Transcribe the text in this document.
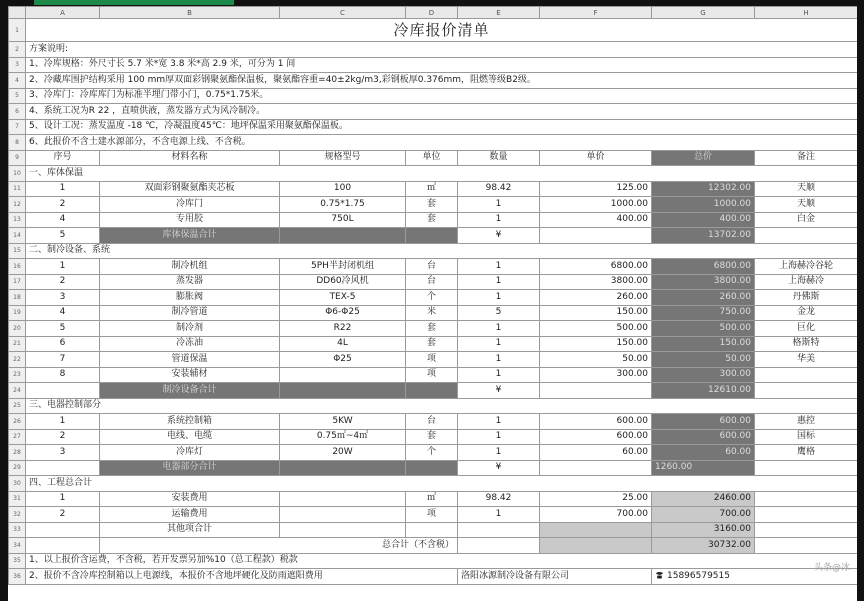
	A	B	C	D	E	F	G	H
1	冷库报价清单							
2	方案说明:							
3	1、冷库规格：外尺寸长 5.7 米*宽 3.8 米*高 2.9 米，可分为 1 间							
4	2、冷藏库围护结构采用 100 mm厚双面彩钢聚氨酯保温板，聚氨酯容重=40±2kg/m3,彩钢板厚0.376mm，阻燃等级B2级。							
5	3、冷库门：冷库库门为标准半埋门带小门，0.75*1.75米。							
6	4、系统工况为R 22 ，直喷供液，蒸发器方式为风冷制冷。							
7	5、设计工况：蒸发温度 -18 ℃，冷凝温度45℃：地坪保温采用聚氨酯保温板。							
8	6、此报价不含土建水源部分，不含电源上线、不含税。							
9	序号	材料名称	规格型号	单位	数量	单价	总价	备注
10	一、库体保温							
11	1	双面彩钢聚氨酯夹芯板	100	㎡	98.42	125.00	12302.00	天顺
12	2	冷库门	0.75*1.75	套	1	1000.00	1000.00	天顺
13	4	专用胶	750L	套	1	400.00	400.00	白金
14	5	库体保温合计			¥		13702.00	
15	二、制冷设备、系统							
16	1	制冷机组	5PH半封闭机组	台	1	6800.00	6800.00	上海赫冷谷轮
17	2	蒸发器	DD60冷风机	台	1	3800.00	3800.00	上海赫冷
18	3	膨胀阀	TEX-5	个	1	260.00	260.00	丹佛斯
19	4	制冷管道	Φ6-Φ25	米	5	150.00	750.00	金龙
20	5	制冷剂	R22	套	1	500.00	500.00	巨化
21	6	冷冻油	4L	套	1	150.00	150.00	格斯特
22	7	管道保温	Φ25	项	1	50.00	50.00	华美
23	8	安装辅材		项	1	300.00	300.00	
24		制冷设备合计			¥		12610.00	
25	三、电器控制部分							
26	1	系统控制箱	5KW	台	1	600.00	600.00	惠控
27	2	电线、电缆	0.75㎡~4㎡	套	1	600.00	600.00	国标
28	3	冷库灯	20W	个	1	60.00	60.00	鹰格
29		电器部分合计			¥		1260.00	
30	四、工程总合计							
31	1	安装费用		㎡	98.42	25.00	2460.00	
32	2	运输费用		项	1	700.00	700.00	
33		其他项合计					3160.00	
34		总合计（不含税）					30732.00	
35	1、以上报价含运费，不含税，若开发票另加%10（总工程款）税款							
36	2、报价不含冷库控制箱以上电源线，本报价不含地坪硬化及防雨遮阳费用				洛阳冰源制冷设备有限公司		15896579515	
头条@冰
